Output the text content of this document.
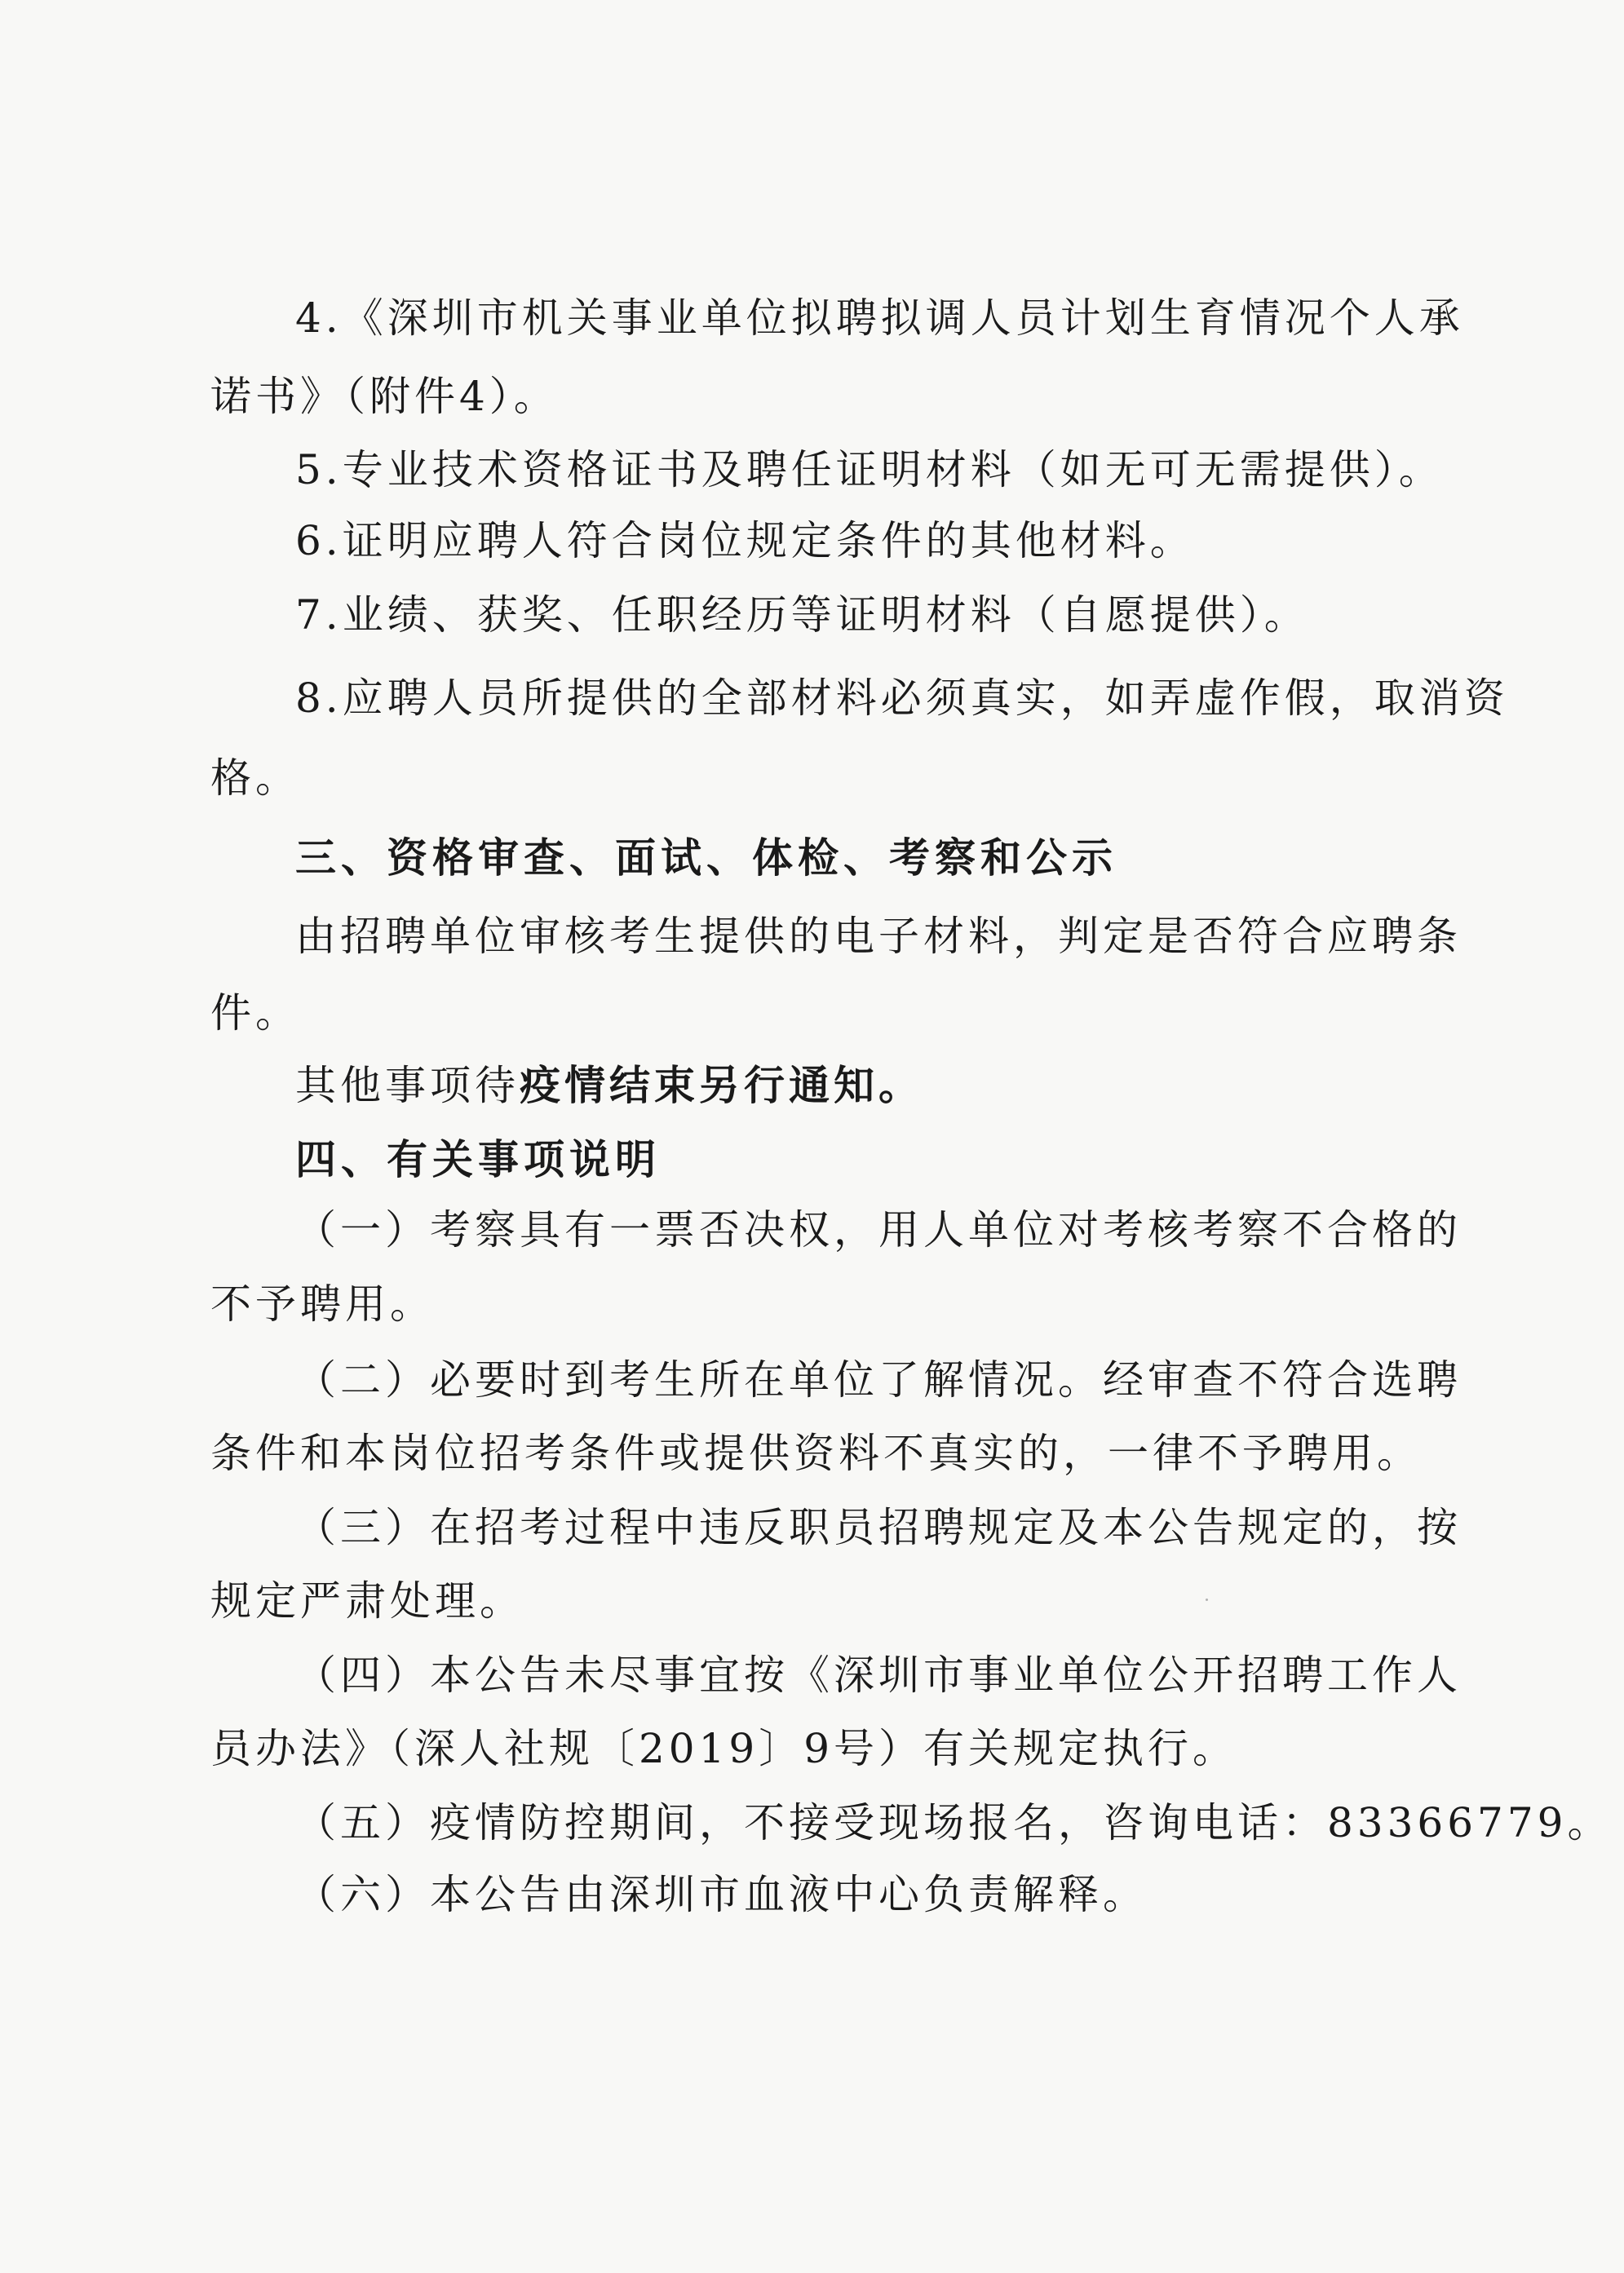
4.《深圳市机关事业单位拟聘拟调人员计划生育情况个人承
诺书》（附件4）。
5.专业技术资格证书及聘任证明材料（如无可无需提供）。
6.证明应聘人符合岗位规定条件的其他材料。
7.业绩、获奖、任职经历等证明材料（自愿提供）。
8.应聘人员所提供的全部材料必须真实，如弄虚作假，取消资
格。
三、资格审查、面试、体检、考察和公示
由招聘单位审核考生提供的电子材料，判定是否符合应聘条
件。
其他事项待疫情结束另行通知。
四、有关事项说明
（一）考察具有一票否决权，用人单位对考核考察不合格的
不予聘用。
（二）必要时到考生所在单位了解情况。经审查不符合选聘
条件和本岗位招考条件或提供资料不真实的，一律不予聘用。
（三）在招考过程中违反职员招聘规定及本公告规定的，按
规定严肃处理。
（四）本公告未尽事宜按《深圳市事业单位公开招聘工作人
员办法》（深人社规〔2019〕9号）有关规定执行。
（五）疫情防控期间，不接受现场报名，咨询电话：83366779。
（六）本公告由深圳市血液中心负责解释。
